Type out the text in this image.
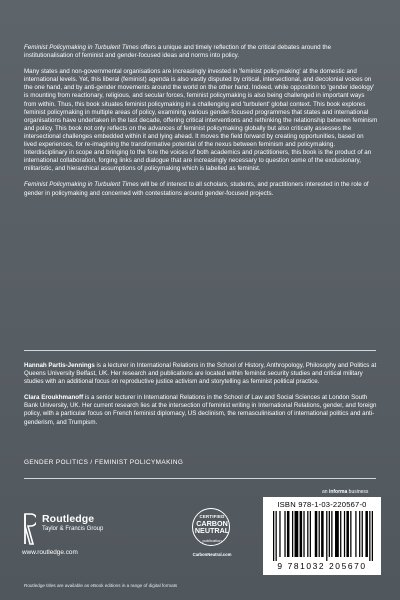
Feminist Policymaking in Turbulent Times offers a unique and timely reflection of the critical debates around the institutionalisation of feminist and gender-focused ideas and norms into policy.

Many states and non-governmental organisations are increasingly invested in 'feminist policymaking' at the domestic and international levels. Yet, this liberal (feminist) agenda is also vastly disputed by critical, intersectional, and decolonial voices on the one hand, and by anti-gender movements around the world on the other hand. Indeed, while opposition to 'gender ideology' is mounting from reactionary, religious, and secular forces, feminist policymaking is also being challenged in important ways from within. Thus, this book situates feminist policymaking in a challenging and 'turbulent' global context. This book explores feminist policymaking in multiple areas of policy, examining various gender-focused programmes that states and international organisations have undertaken in the last decade, offering critical interventions and rethinking the relationship between feminism and policy. This book not only reflects on the advances of feminist policymaking globally but also critically assesses the intersectional challenges embedded within it and lying ahead. It moves the field forward by creating opportunities, based on lived experiences, for re-imagining the transformative potential of the nexus between feminism and policymaking. Interdisciplinary in scope and bringing to the fore the voices of both academics and practitioners, this book is the product of an international collaboration, forging links and dialogue that are increasingly necessary to question some of the exclusionary, militaristic, and hierarchical assumptions of policymaking which is labelled as feminist.

Feminist Policymaking in Turbulent Times will be of interest to all scholars, students, and practitioners interested in the role of gender in policymaking and concerned with contestations around gender-focused projects.

Hannah Partis-Jennings is a lecturer in International Relations in the School of History, Anthropology, Philosophy and Politics at Queens University Belfast, UK. Her research and publications are located within feminist security studies and critical military studies with an additional focus on reproductive justice activism and storytelling as feminist political practice.

Clara Eroukhmanoff is a senior lecturer in International Relations in the School of Law and Social Sciences at London South Bank University, UK. Her current research lies at the intersection of feminist writing in International Relations, gender, and foreign policy, with a particular focus on French feminist diplomacy, US declinism, the remasculinisation of international politics and anti-genderism, and Trumpism.

GENDER POLITICS / FEMINIST POLICYMAKING
Routledge
Taylor & Francis Group
www.routledge.com
CERTIFIED
CARBON
NEUTRAL
publication
CarbonNeutral.com
an informa business
ISBN 978-1-03-220567-0
9 781032 205670
Routledge titles are available as eBook editions in a range of digital formats
